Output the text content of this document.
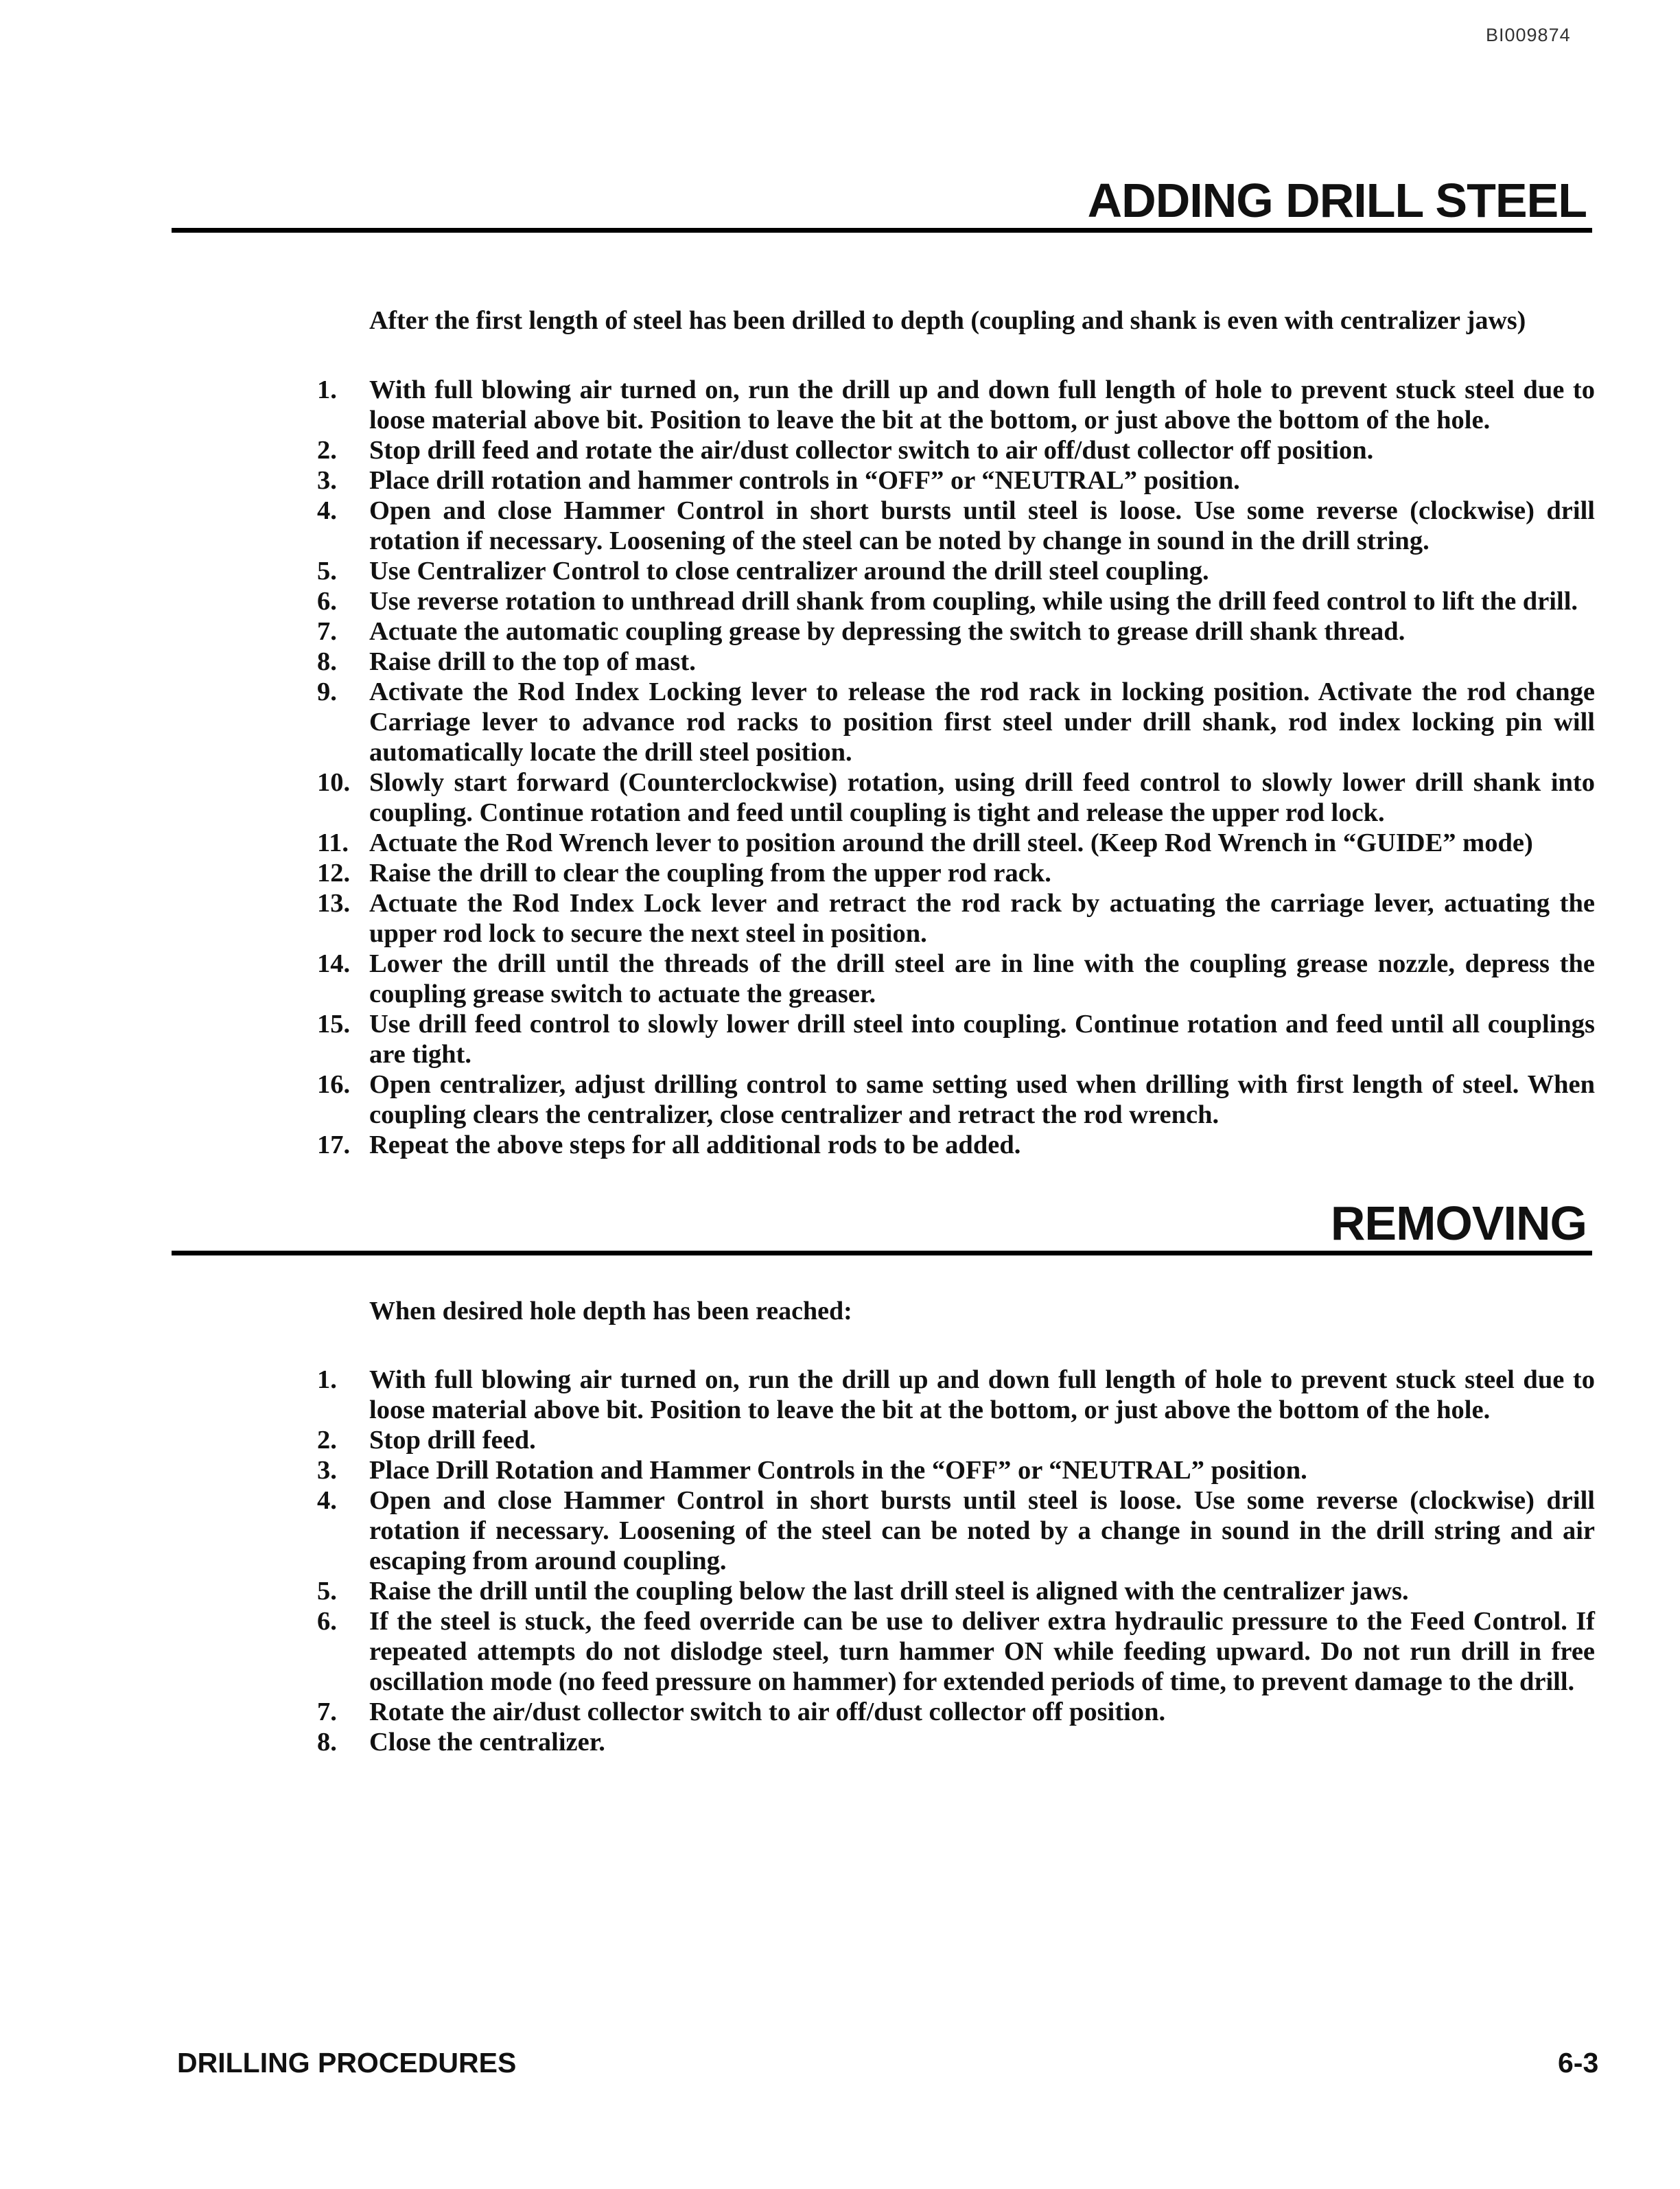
BI009874
ADDING DRILL STEEL
After the first length of steel has been drilled to depth (coupling and shank is even with centralizer jaws)
1.	With full blowing air turned on, run the drill up and down full length of hole to prevent stuck steel due to loose material above bit. Position to leave the bit at the bottom, or just above the bottom of the hole.
2.	Stop drill feed and rotate the air/dust collector switch to air off/dust collector off position.
3.	Place drill rotation and hammer controls in “OFF” or “NEUTRAL” position.
4.	Open and close Hammer Control in short bursts until steel is loose. Use some reverse (clockwise) drill rotation if necessary. Loosening of the steel can be noted by change in sound in the drill string.
5.	Use Centralizer Control to close centralizer around the drill steel coupling.
6.	Use reverse rotation to unthread drill shank from coupling, while using the drill feed control to lift the drill.
7.	Actuate the automatic coupling grease by depressing the switch to grease drill shank thread.
8.	Raise drill to the top of mast.
9.	Activate the Rod Index Locking lever to release the rod rack in locking position. Activate the rod change Carriage lever to advance rod racks to position first steel under drill shank, rod index locking pin will automatically locate the drill steel position.
10. Slowly start forward (Counterclockwise) rotation, using drill feed control to slowly lower drill shank into coupling. Continue rotation and feed until coupling is tight and release the upper rod lock.
11. Actuate the Rod Wrench lever to position around the drill steel. (Keep Rod Wrench in “GUIDE” mode)
12. Raise the drill to clear the coupling from the upper rod rack.
13. Actuate the Rod Index Lock lever and retract the rod rack by actuating the carriage lever, actuating the upper rod lock to secure the next steel in position.
14. Lower the drill until the threads of the drill steel are in line with the coupling grease nozzle, depress the coupling grease switch to actuate the greaser.
15. Use drill feed control to slowly lower drill steel into coupling. Continue rotation and feed until all couplings are tight.
16. Open centralizer, adjust drilling control to same setting used when drilling with first length of steel. When coupling clears the centralizer, close centralizer and retract the rod wrench.
17. Repeat the above steps for all additional rods to be added.
REMOVING
When desired hole depth has been reached:
1.	With full blowing air turned on, run the drill up and down full length of hole to prevent stuck steel due to loose material above bit. Position to leave the bit at the bottom, or just above the bottom of the hole.
2.	Stop drill feed.
3.	Place Drill Rotation and Hammer Controls in the “OFF” or “NEUTRAL” position.
4.	Open and close Hammer Control in short bursts until steel is loose. Use some reverse (clockwise) drill rotation if necessary. Loosening of the steel can be noted by a change in sound in the drill string and air escaping from around coupling.
5.	Raise the drill until the coupling below the last drill steel is aligned with the centralizer jaws.
6.	If the steel is stuck, the feed override can be use to deliver extra hydraulic pressure to the Feed Control. If repeated attempts do not dislodge steel, turn hammer ON while feeding upward. Do not run drill in free oscillation mode (no feed pressure on hammer) for extended periods of time, to prevent damage to the drill.
7.	Rotate the air/dust collector switch to air off/dust collector off position.
8.	Close the centralizer.
DRILLING PROCEDURES	6-3
